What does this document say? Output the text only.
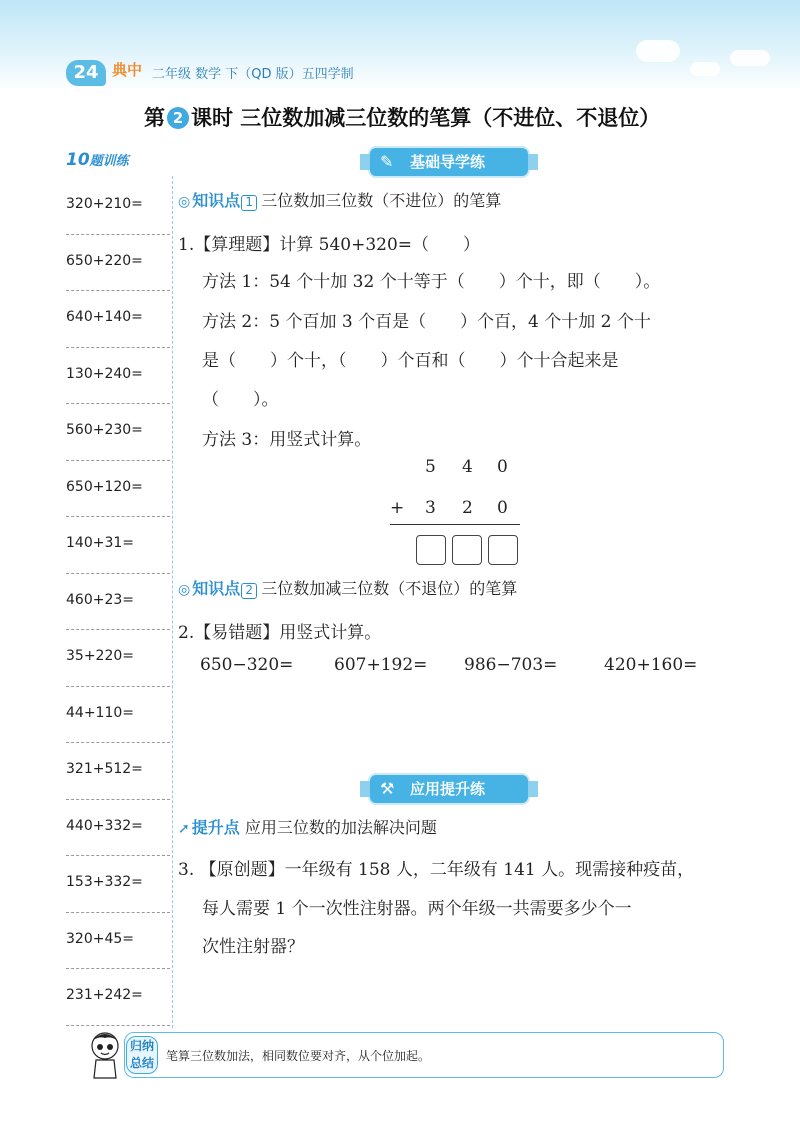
24 典中 二年级 数学 下（QD 版）五四学制
第 2 课时 三位数加减三位数的笔算（不进位、不退位）
10题训练
320+210=
650+220=
640+140=
130+240=
560+230=
650+120=
140+31=
460+23=
35+220=
44+110=
321+512=
440+332=
153+332=
320+45=
231+242=
✎ 基础导学练
◎ 知识点 1 三位数加三位数（不进位）的笔算
1.【算理题】计算 540+320=（　　）
方法 1：54 个十加 32 个十等于（　　）个十，即（　　）。
方法 2：5 个百加 3 个百是（　　）个百，4 个十加 2 个十
是（　　）个十，（　　）个百和（　　）个十合起来是
（　　）。
方法 3：用竖式计算。
5 4 0
+ 3 2 0
◎ 知识点 2 三位数加减三位数（不退位）的笔算
2.【易错题】用竖式计算。
650−320= 607+192= 986−703=	420+160=
⚒ 应用提升练
➚ 提升点 应用三位数的加法解决问题
3. 【原创题】一年级有 158 人，二年级有 141 人。现需接种疫苗，
每人需要 1 个一次性注射器。两个年级一共需要多少个一
次性注射器？
归纳
总结 笔算三位数加法，相同数位要对齐，从个位加起。
